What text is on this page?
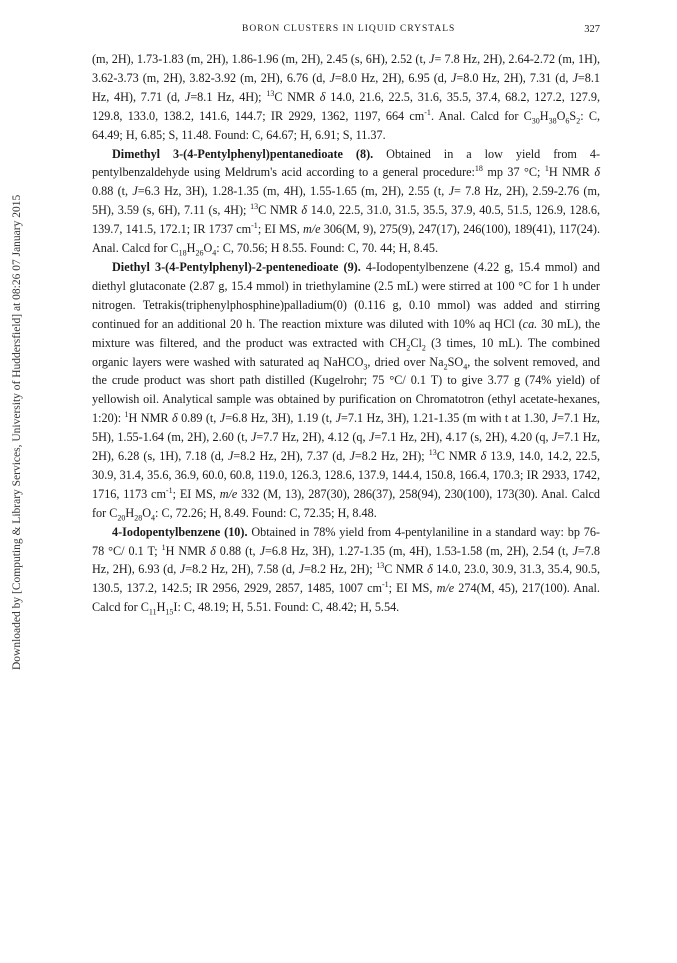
BORON CLUSTERS IN LIQUID CRYSTALS	327
Downloaded by [Computing & Library Services, University of Huddersfield] at 08:26 07 January 2015

(m, 2H), 1.73-1.83 (m, 2H), 1.86-1.96 (m, 2H), 2.45 (s, 6H), 2.52 (t, J= 7.8 Hz, 2H), 2.64-2.72 (m, 1H), 3.62-3.73 (m, 2H), 3.82-3.92 (m, 2H), 6.76 (d, J=8.0 Hz, 2H), 6.95 (d, J=8.0 Hz, 2H), 7.31 (d, J=8.1 Hz, 4H), 7.71 (d, J=8.1 Hz, 4H); $^{13}$C NMR δ 14.0, 21.6, 22.5, 31.6, 35.5, 37.4, 68.2, 127.2, 127.9, 129.8, 133.0, 138.2, 141.6, 144.7; IR 2929, 1362, 1197, 664 $cm^{-1}$. Anal. Calcd for $C_{30}H_{38}O_6S_2$: C, 64.49; H, 6.85; S, 11.48. Found: C, 64.67; H, 6.91; S, 11.37.

Dimethyl 3-(4-Pentylphenyl)pentanedioate (8). Obtained in a low yield from 4-pentylbenzaldehyde using Meldrum's acid according to a general procedure:$^{18}$ mp 37 °C; $^1$H NMR δ 0.88 (t, J=6.3 Hz, 3H), 1.28-1.35 (m, 4H), 1.55-1.65 (m, 2H), 2.55 (t, J= 7.8 Hz, 2H), 2.59-2.76 (m, 5H), 3.59 (s, 6H), 7.11 (s, 4H); $^{13}$C NMR δ 14.0, 22.5, 31.0, 31.5, 35.5, 37.9, 40.5, 51.5, 126.9, 128.6, 139.7, 141.5, 172.1; IR 1737 $cm^{-1}$; EI MS, m/e 306(M, 9), 275(9), 247(17), 246(100), 189(41), 117(24). Anal. Calcd for $C_{18}H_{26}O_4$: C, 70.56; H 8.55. Found: C, 70. 44; H, 8.45.

Diethyl 3-(4-Pentylphenyl)-2-pentenedioate (9). 4-Iodopentylbenzene (4.22 g, 15.4 mmol) and diethyl glutaconate (2.87 g, 15.4 mmol) in triethylamine (2.5 mL) were stirred at 100 °C for 1 h under nitrogen. Tetrakis(triphenylphosphine)palladium(0) (0.116 g, 0.10 mmol) was added and stirring continued for an additional 20 h. The reaction mixture was diluted with 10% aq HCl (ca. 30 mL), the mixture was filtered, and the product was extracted with $CH_2Cl_2$ (3 times, 10 mL). The combined organic layers were washed with saturated aq NaHCO$_3$, dried over $Na_2SO_4$, the solvent removed, and the crude product was short path distilled (Kugelrohr; 75 °C/ 0.1 T) to give 3.77 g (74% yield) of yellowish oil. Analytical sample was obtained by purification on Chromatotron (ethyl acetate-hexanes, 1:20): $^1$H NMR δ 0.89 (t, J=6.8 Hz, 3H), 1.19 (t, J=7.1 Hz, 3H), 1.21-1.35 (m with t at 1.30, J=7.1 Hz, 5H), 1.55-1.64 (m, 2H), 2.60 (t, J=7.7 Hz, 2H), 4.12 (q, J=7.1 Hz, 2H), 4.17 (s, 2H), 4.20 (q, J=7.1 Hz, 2H), 6.28 (s, 1H), 7.18 (d, J=8.2 Hz, 2H), 7.37 (d, J=8.2 Hz, 2H); $^{13}$C NMR δ 13.9, 14.0, 14.2, 22.5, 30.9, 31.4, 35.6, 36.9, 60.0, 60.8, 119.0, 126.3, 128.6, 137.9, 144.4, 150.8, 166.4, 170.3; IR 2933, 1742, 1716, 1173 $cm^{-1}$; EI MS, m/e 332 (M, 13), 287(30), 286(37), 258(94), 230(100), 173(30). Anal. Calcd for $C_{20}H_{28}O_4$: C, 72.26; H, 8.49. Found: C, 72.35; H, 8.48.

4-Iodopentylbenzene (10). Obtained in 78% yield from 4-pentylaniline in a standard way: bp 76-78 °C/ 0.1 T; $^1$H NMR δ 0.88 (t, J=6.8 Hz, 3H), 1.27-1.35 (m, 4H), 1.53-1.58 (m, 2H), 2.54 (t, J=7.8 Hz, 2H), 6.93 (d, J=8.2 Hz, 2H), 7.58 (d, J=8.2 Hz, 2H); $^{13}$C NMR δ 14.0, 23.0, 30.9, 31.3, 35.4, 90.5, 130.5, 137.2, 142.5; IR 2956, 2929, 2857, 1485, 1007 $cm^{-1}$; EI MS, m/e 274(M, 45), 217(100). Anal. Calcd for $C_{11}H_{15}I$: C, 48.19; H, 5.51. Found: C, 48.42; H, 5.54.
